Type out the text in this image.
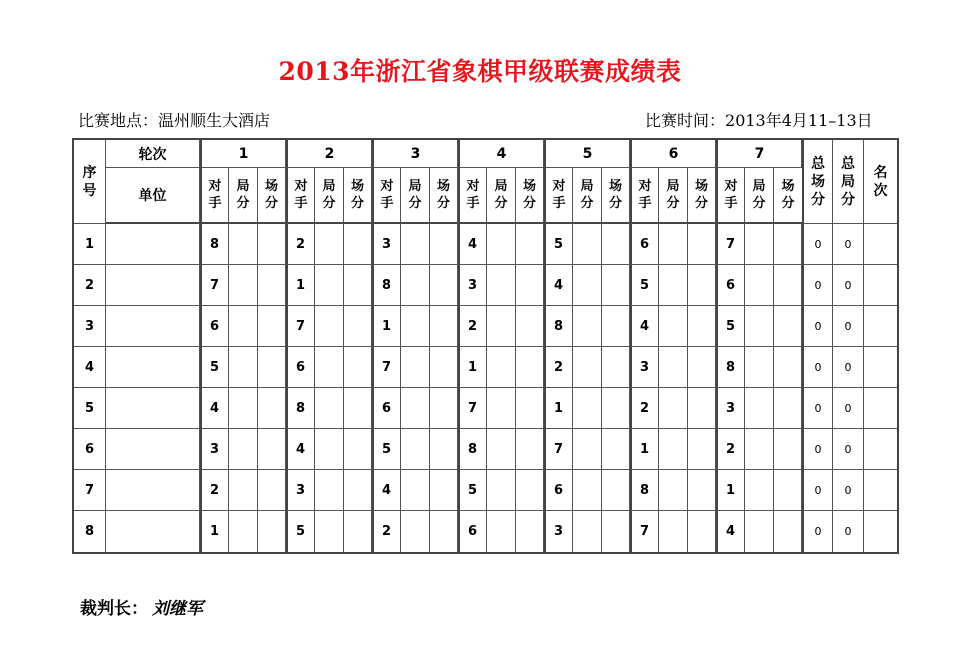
2013年浙江省象棋甲级联赛成绩表
比赛地点：温州顺生大酒店	比赛时间：2013年4月11–13日
序号	轮次	1			2			3			4			5			6			7			总场分	总局分	名次
	单位	对手	局分	场分	对手	局分	场分	对手	局分	场分	对手	局分	场分	对手	局分	场分	对手	局分	场分	对手	局分	场分			
1		8			2			3			4			5			6			7			0	0	
2		7			1			8			3			4			5			6			0	0	
3		6			7			1			2			8			4			5			0	0	
4		5			6			7			1			2			3			8			0	0	
5		4			8			6			7			1			2			3			0	0	
6		3			4			5			8			7			1			2			0	0	
7		2			3			4			5			6			8			1			0	0	
8		1			5			2			6			3			7			4			0	0	
裁判长： 刘继军
